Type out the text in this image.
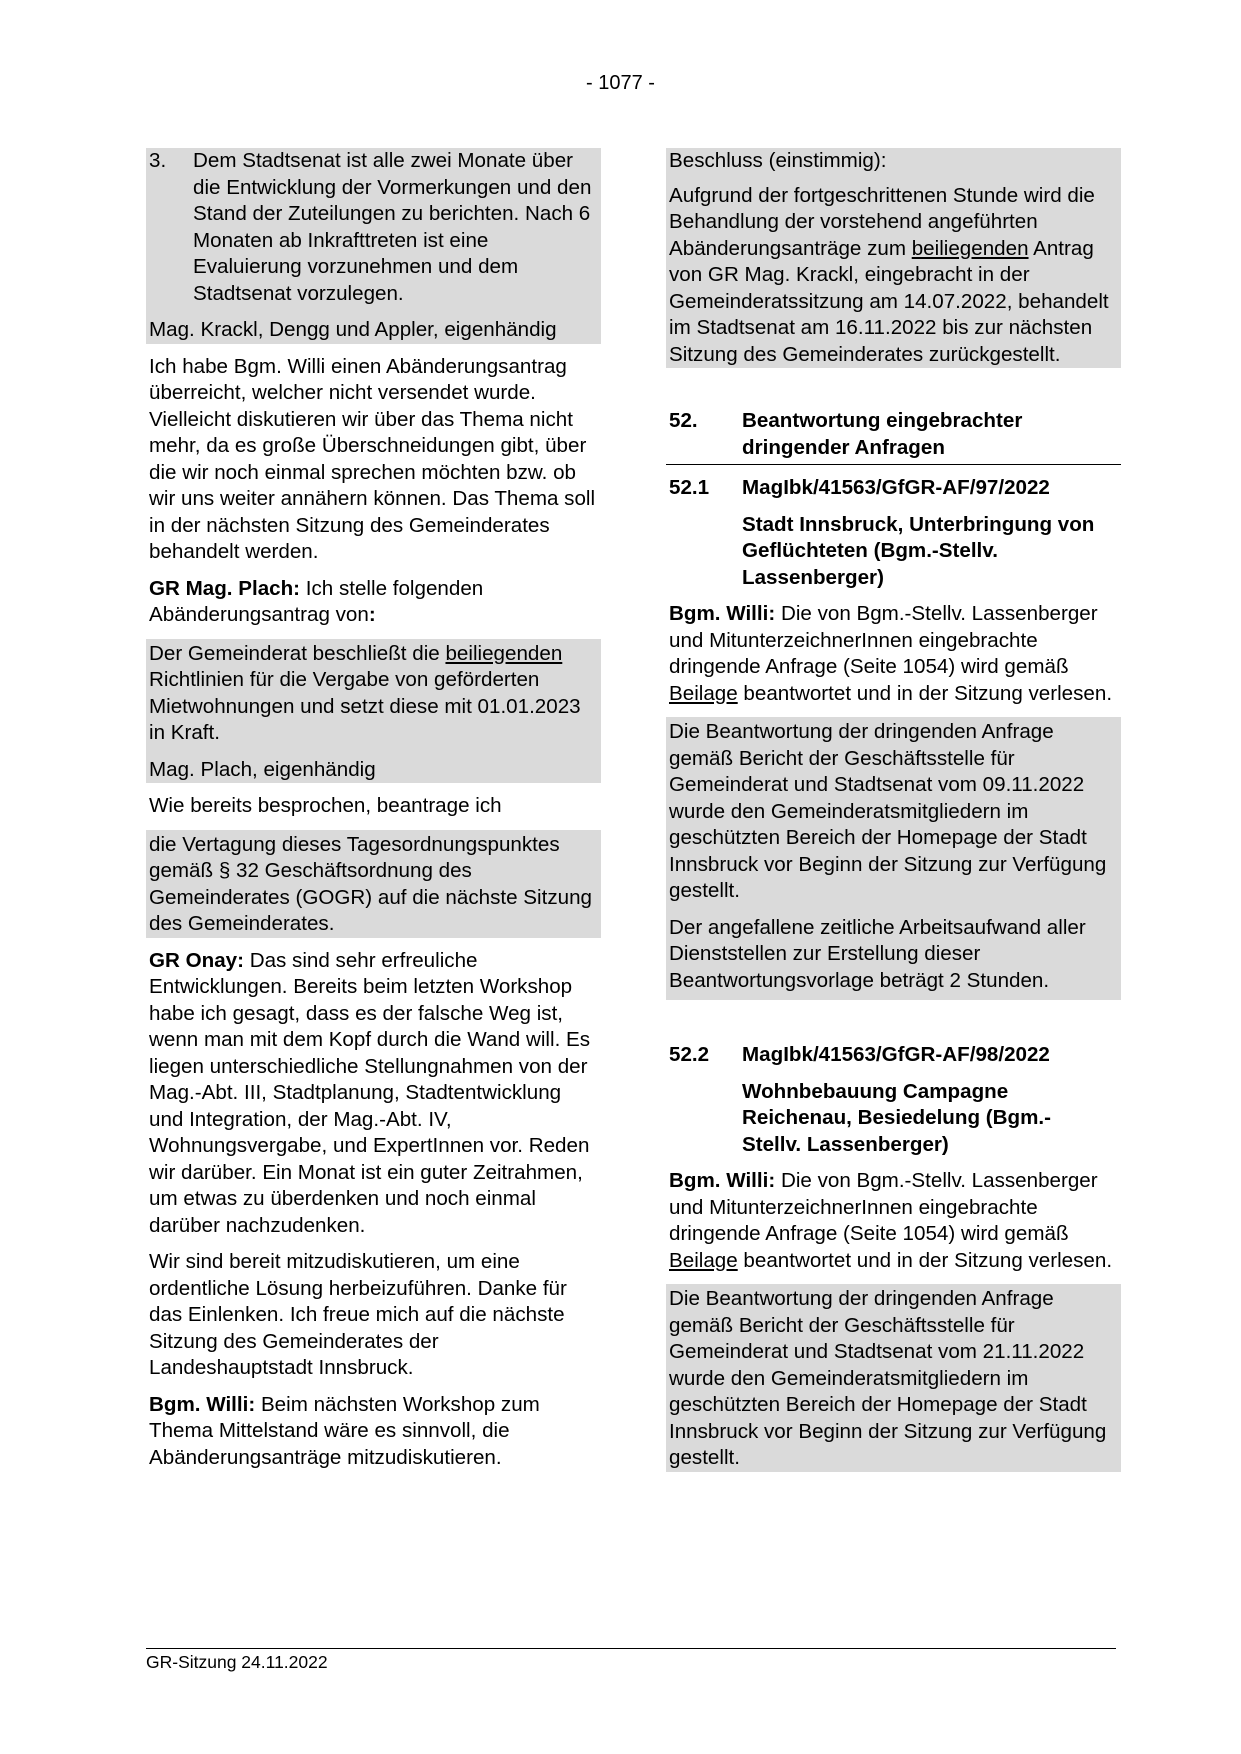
- 1077 -
3. Dem Stadtsenat ist alle zwei Monate über die Entwicklung der Vormerkungen und den Stand der Zuteilungen zu berichten. Nach 6 Monaten ab Inkrafttreten ist eine Evaluierung vorzunehmen und dem Stadtsenat vorzulegen.
Mag. Krackl, Dengg und Appler, eigenhändig
Ich habe Bgm. Willi einen Abänderungsantrag überreicht, welcher nicht versendet wurde. Vielleicht diskutieren wir über das Thema nicht mehr, da es große Überschneidungen gibt, über die wir noch einmal sprechen möchten bzw. ob wir uns weiter annähern können. Das Thema soll in der nächsten Sitzung des Gemeinderates behandelt werden.
GR Mag. Plach: Ich stelle folgenden Abänderungsantrag von:
Der Gemeinderat beschließt die beiliegenden Richtlinien für die Vergabe von geförderten Mietwohnungen und setzt diese mit 01.01.2023 in Kraft.
Mag. Plach, eigenhändig
Wie bereits besprochen, beantrage ich
die Vertagung dieses Tagesordnungspunktes gemäß § 32 Geschäftsordnung des Gemeinderates (GOGR) auf die nächste Sitzung des Gemeinderates.
GR Onay: Das sind sehr erfreuliche Entwicklungen. Bereits beim letzten Workshop habe ich gesagt, dass es der falsche Weg ist, wenn man mit dem Kopf durch die Wand will. Es liegen unterschiedliche Stellungnahmen von der Mag.-Abt. III, Stadtplanung, Stadtentwicklung und Integration, der Mag.-Abt. IV, Wohnungsvergabe, und ExpertInnen vor. Reden wir darüber. Ein Monat ist ein guter Zeitrahmen, um etwas zu überdenken und noch einmal darüber nachzudenken.
Wir sind bereit mitzudiskutieren, um eine ordentliche Lösung herbeizuführen. Danke für das Einlenken. Ich freue mich auf die nächste Sitzung des Gemeinderates der Landeshauptstadt Innsbruck.
Bgm. Willi: Beim nächsten Workshop zum Thema Mittelstand wäre es sinnvoll, die Abänderungsanträge mitzudiskutieren.
Beschluss (einstimmig):
Aufgrund der fortgeschrittenen Stunde wird die Behandlung der vorstehend angeführten Abänderungsanträge zum beiliegenden Antrag von GR Mag. Krackl, eingebracht in der Gemeinderatssitzung am 14.07.2022, behandelt im Stadtsenat am 16.11.2022 bis zur nächsten Sitzung des Gemeinderates zurückgestellt.
52.	Beantwortung eingebrachter dringender Anfragen
52.1	MagIbk/41563/GfGR-AF/97/2022
Stadt Innsbruck, Unterbringung von Geflüchteten (Bgm.-Stellv. Lassenberger)
Bgm. Willi: Die von Bgm.-Stellv. Lassenberger und MitunterzeichnerInnen eingebrachte dringende Anfrage (Seite 1054) wird gemäß Beilage beantwortet und in der Sitzung verlesen.
Die Beantwortung der dringenden Anfrage gemäß Bericht der Geschäftsstelle für Gemeinderat und Stadtsenat vom 09.11.2022 wurde den Gemeinderatsmitgliedern im geschützten Bereich der Homepage der Stadt Innsbruck vor Beginn der Sitzung zur Verfügung gestellt.
Der angefallene zeitliche Arbeitsaufwand aller Dienststellen zur Erstellung dieser Beantwortungsvorlage beträgt 2 Stunden.
52.2	MagIbk/41563/GfGR-AF/98/2022
Wohnbebauung Campagne Reichenau, Besiedelung (Bgm.-Stellv. Lassenberger)
Bgm. Willi: Die von Bgm.-Stellv. Lassenberger und MitunterzeichnerInnen eingebrachte dringende Anfrage (Seite 1054) wird gemäß Beilage beantwortet und in der Sitzung verlesen.
Die Beantwortung der dringenden Anfrage gemäß Bericht der Geschäftsstelle für Gemeinderat und Stadtsenat vom 21.11.2022 wurde den Gemeinderatsmitgliedern im geschützten Bereich der Homepage der Stadt Innsbruck vor Beginn der Sitzung zur Verfügung gestellt.
GR-Sitzung 24.11.2022
